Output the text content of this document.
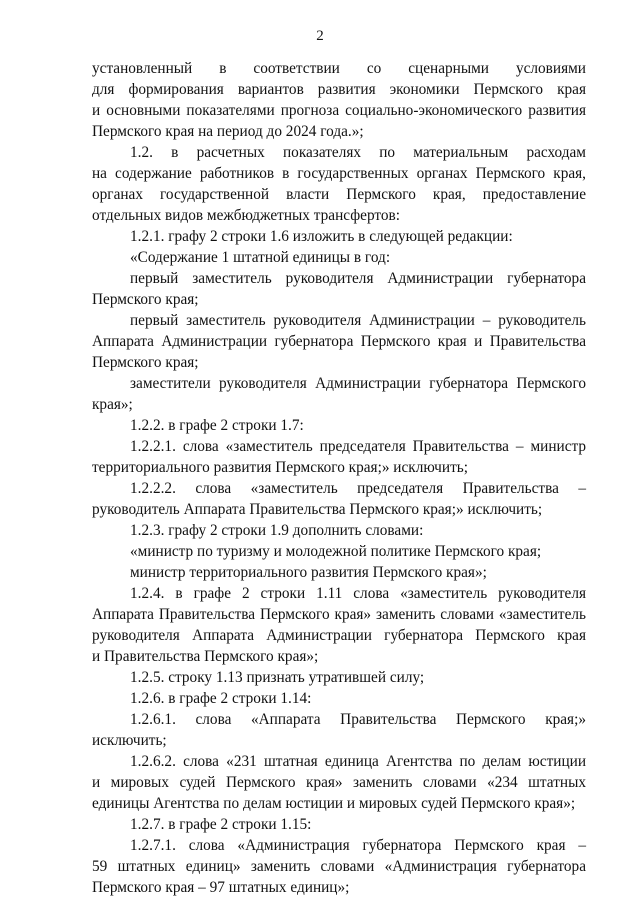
2
установленный в соответствии со сценарными условиями
для формирования вариантов развития экономики Пермского края
и основными показателями прогноза социально-экономического развития
Пермского края на период до 2024 года.»;
1.2. в расчетных показателях по материальным расходам
на содержание работников в государственных органах Пермского края,
органах государственной власти Пермского края, предоставление
отдельных видов межбюджетных трансфертов:
1.2.1. графу 2 строки 1.6 изложить в следующей редакции:
«Содержание 1 штатной единицы в год:
первый заместитель руководителя Администрации губернатора
Пермского края;
первый заместитель руководителя Администрации – руководитель
Аппарата Администрации губернатора Пермского края и Правительства
Пермского края;
заместители руководителя Администрации губернатора Пермского
края»;
1.2.2. в графе 2 строки 1.7:
1.2.2.1. слова «заместитель председателя Правительства – министр
территориального развития Пермского края;» исключить;
1.2.2.2. слова «заместитель председателя Правительства –
руководитель Аппарата Правительства Пермского края;» исключить;
1.2.3. графу 2 строки 1.9 дополнить словами:
«министр по туризму и молодежной политике Пермского края;
министр территориального развития Пермского края»;
1.2.4. в графе 2 строки 1.11 слова «заместитель руководителя
Аппарата Правительства Пермского края» заменить словами «заместитель
руководителя Аппарата Администрации губернатора Пермского края
и Правительства Пермского края»;
1.2.5. строку 1.13 признать утратившей силу;
1.2.6. в графе 2 строки 1.14:
1.2.6.1. слова «Аппарата Правительства Пермского края;»
исключить;
1.2.6.2. слова «231 штатная единица Агентства по делам юстиции
и мировых судей Пермского края» заменить словами «234 штатных
единицы Агентства по делам юстиции и мировых судей Пермского края»;
1.2.7. в графе 2 строки 1.15:
1.2.7.1. слова «Администрация губернатора Пермского края –
59 штатных единиц» заменить словами «Администрация губернатора
Пермского края – 97 штатных единиц»;
